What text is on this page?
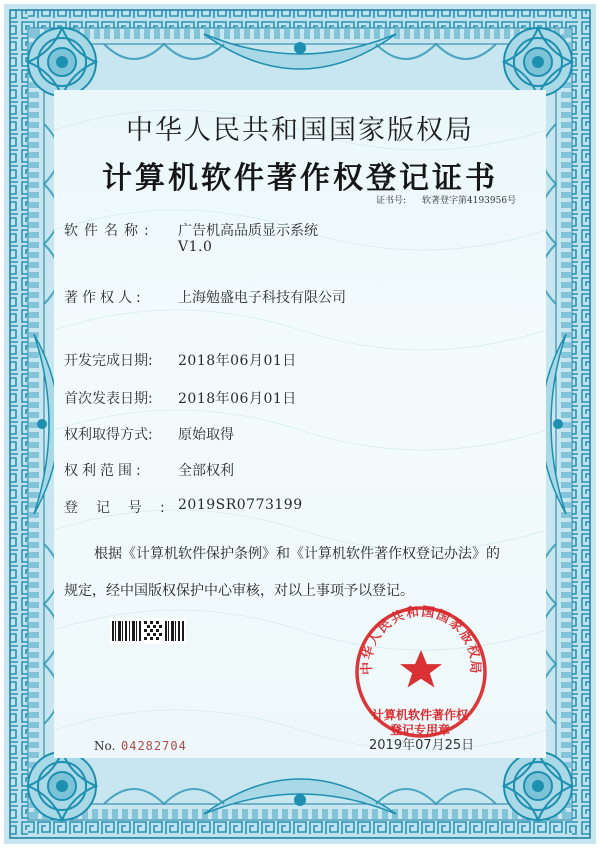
中华人民共和国国家版权局
计算机软件著作权登记证书
证书号: 软著登字第4193956号
软件名称: 广告机高品质显示系统
V1.0
著作权人: 上海勉盛电子科技有限公司
开发完成日期: 2018年06月01日
首次发表日期: 2018年06月01日
权利取得方式: 原始取得
权利范围: 全部权利
登记号:
2019SR0773199
根据《计算机软件保护条例》和《计算机软件著作权登记办法》的
规定，经中国版权保护中心审核，对以上事项予以登记。
No. 04282704	2019年07月25日
中华人民共和国国家版权局
计算机软件著作权
登记专用章
